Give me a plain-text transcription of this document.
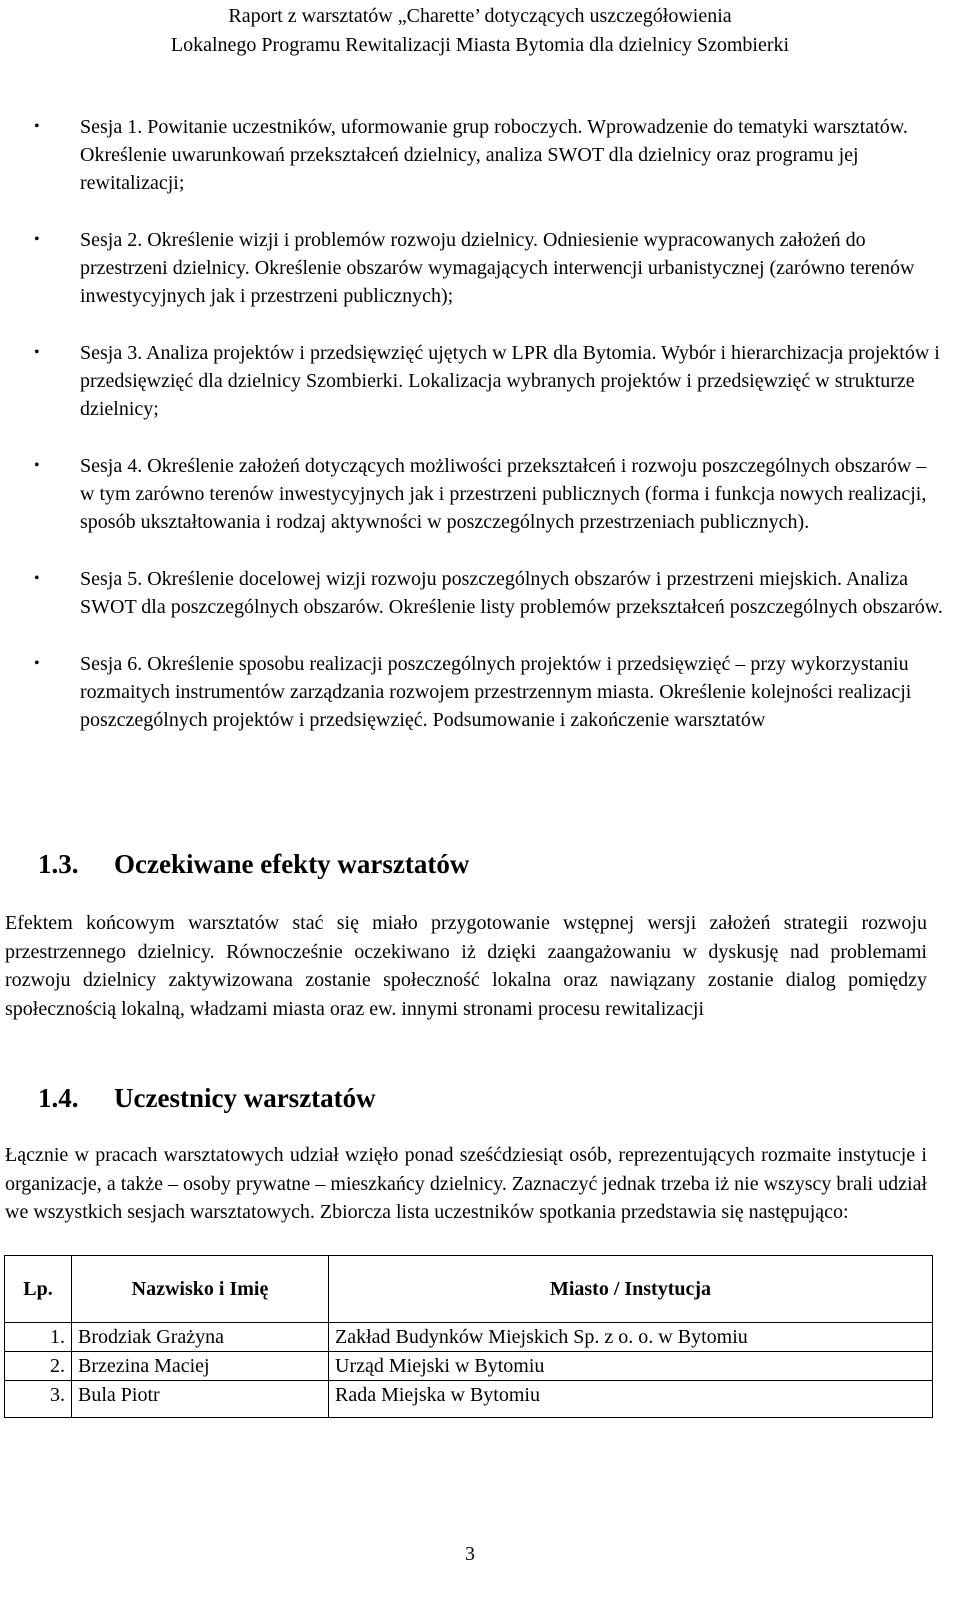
Raport z warsztatów „Charette’ dotyczących uszczegółowienia
Lokalnego Programu Rewitalizacji Miasta Bytomia dla dzielnicy Szombierki
• Sesja 1. Powitanie uczestników, uformowanie grup roboczych. Wprowadzenie do tematyki warsztatów. Określenie uwarunkowań przekształceń dzielnicy, analiza SWOT dla dzielnicy oraz programu jej rewitalizacji;
• Sesja 2. Określenie wizji i problemów rozwoju dzielnicy. Odniesienie wypracowanych założeń do przestrzeni dzielnicy. Określenie obszarów wymagających interwencji urbanistycznej (zarówno terenów inwestycyjnych jak i przestrzeni publicznych);
• Sesja 3. Analiza projektów i przedsięwzięć ujętych w LPR dla Bytomia. Wybór i hierarchizacja projektów i przedsięwzięć dla dzielnicy Szombierki. Lokalizacja wybranych projektów i przedsięwzięć w strukturze dzielnicy;
• Sesja 4. Określenie założeń dotyczących możliwości przekształceń i rozwoju poszczególnych obszarów – w tym zarówno terenów inwestycyjnych jak i przestrzeni publicznych (forma i funkcja nowych realizacji, sposób ukształtowania i rodzaj aktywności w poszczególnych przestrzeniach publicznych).
• Sesja 5. Określenie docelowej wizji rozwoju poszczególnych obszarów i przestrzeni miejskich. Analiza SWOT dla poszczególnych obszarów. Określenie listy problemów przekształceń poszczególnych obszarów.
• Sesja 6. Określenie sposobu realizacji poszczególnych projektów i przedsięwzięć – przy wykorzystaniu rozmaitych instrumentów zarządzania rozwojem przestrzennym miasta. Określenie kolejności realizacji poszczególnych projektów i przedsięwzięć. Podsumowanie i zakończenie warsztatów
1.3. Oczekiwane efekty warsztatów

Efektem końcowym warsztatów stać się miało przygotowanie wstępnej wersji założeń strategii rozwoju przestrzennego dzielnicy. Równocześnie oczekiwano iż dzięki zaangażowaniu w dyskusję nad problemami rozwoju dzielnicy zaktywizowana zostanie społeczność lokalna oraz nawiązany zostanie dialog pomiędzy społecznością lokalną, władzami miasta oraz ew. innymi stronami procesu rewitalizacji

1.4. Uczestnicy warsztatów

Łącznie w pracach warsztatowych udział wzięło ponad sześćdziesiąt osób, reprezentujących rozmaite instytucje i organizacje, a także – osoby prywatne – mieszkańcy dzielnicy. Zaznaczyć jednak trzeba iż nie wszyscy brali udział we wszystkich sesjach warsztatowych. Zbiorcza lista uczestników spotkania przedstawia się następująco:

Lp.	Nazwisko i Imię	Miasto / Instytucja
1.	Brodziak Grażyna	Zakład Budynków Miejskich Sp. z o. o. w Bytomiu
2.	Brzezina Maciej	Urząd Miejski w Bytomiu
3.	Bula Piotr	Rada Miejska w Bytomiu
3
